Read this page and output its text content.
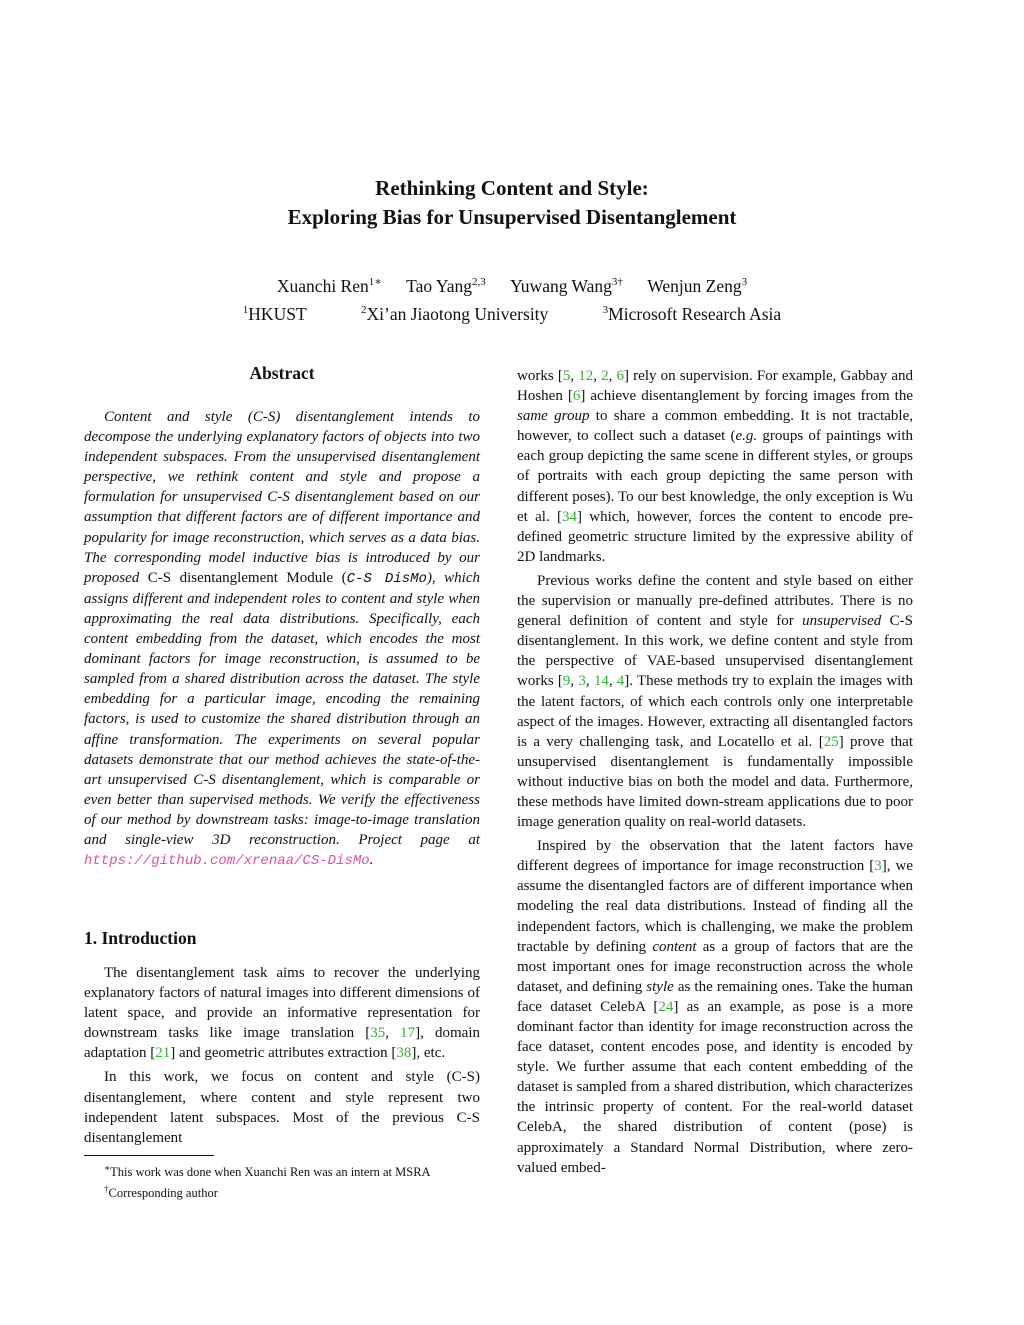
Rethinking Content and Style:
Exploring Bias for Unsupervised Disentanglement
Xuanchi Ren$^{1∗}$ Tao Yang$^{2,3}$ Yuwang Wang$^{3\dagger}$ Wenjun Zeng$^3$
$^1$HKUST	$^2$Xi’an Jiaotong University	$^3$Microsoft Research Asia
Abstract

Content and style (C-S) disentanglement intends to decompose the underlying explanatory factors of objects into two independent subspaces. From the unsupervised disentanglement perspective, we rethink content and style and propose a formulation for unsupervised C-S disentanglement based on our assumption that different factors are of different importance and popularity for image reconstruction, which serves as a data bias. The corresponding model inductive bias is introduced by our proposed C-S disentanglement Module (C-S DisMo), which assigns different and independent roles to content and style when approximating the real data distributions. Specifically, each content embedding from the dataset, which encodes the most dominant factors for image reconstruction, is assumed to be sampled from a shared distribution across the dataset. The style embedding for a particular image, encoding the remaining factors, is used to customize the shared distribution through an affine transformation. The experiments on several popular datasets demonstrate that our method achieves the state-of-the-art unsupervised C-S disentanglement, which is comparable or even better than supervised methods. We verify the effectiveness of our method by downstream tasks: image-to-image translation and single-view 3D reconstruction. Project page at https://github.com/xrenaa/CS-DisMo.

1. Introduction

The disentanglement task aims to recover the underlying explanatory factors of natural images into different dimensions of latent space, and provide an informative representation for downstream tasks like image translation [35, 17], domain adaptation [21] and geometric attributes extraction [38], etc.

In this work, we focus on content and style (C-S) disentanglement, where content and style represent two independent latent subspaces. Most of the previous C-S disentanglement

works [5, 12, 2, 6] rely on supervision. For example, Gabbay and Hoshen [6] achieve disentanglement by forcing images from the same group to share a common embedding. It is not tractable, however, to collect such a dataset (e.g. groups of paintings with each group depicting the same scene in different styles, or groups of portraits with each group depicting the same person with different poses). To our best knowledge, the only exception is Wu et al. [34] which, however, forces the content to encode pre-defined geometric structure limited by the expressive ability of 2D landmarks.

Previous works define the content and style based on either the supervision or manually pre-defined attributes. There is no general definition of content and style for unsupervised C-S disentanglement. In this work, we define content and style from the perspective of VAE-based unsupervised disentanglement works [9, 3, 14, 4]. These methods try to explain the images with the latent factors, of which each controls only one interpretable aspect of the images. However, extracting all disentangled factors is a very challenging task, and Locatello et al. [25] prove that unsupervised disentanglement is fundamentally impossible without inductive bias on both the model and data. Furthermore, these methods have limited down-stream applications due to poor image generation quality on real-world datasets.

Inspired by the observation that the latent factors have different degrees of importance for image reconstruction [3], we assume the disentangled factors are of different importance when modeling the real data distributions. Instead of finding all the independent factors, which is challenging, we make the problem tractable by defining content as a group of factors that are the most important ones for image reconstruction across the whole dataset, and defining style as the remaining ones. Take the human face dataset CelebA [24] as an example, as pose is a more dominant factor than identity for image reconstruction across the face dataset, content encodes pose, and identity is encoded by style. We further assume that each content embedding of the dataset is sampled from a shared distribution, which characterizes the intrinsic property of content. For the real-world dataset CelebA, the shared distribution of content (pose) is approximately a Standard Normal Distribution, where zero-valued embed-

∗This work was done when Xuanchi Ren was an intern at MSRA
†Corresponding author
